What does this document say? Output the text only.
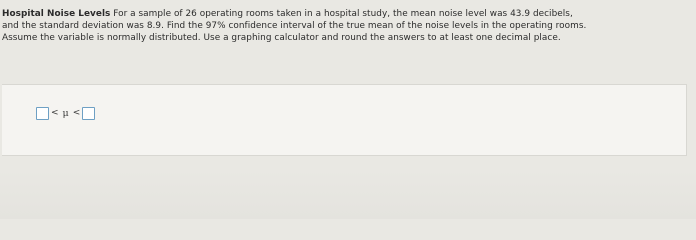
Hospital Noise Levels For a sample of 26 operating rooms taken in a hospital study, the mean noise level was 43.9 decibels,
and the standard deviation was 8.9. Find the 97% confidence interval of the true mean of the noise levels in the operating rooms.
Assume the variable is normally distributed. Use a graphing calculator and round the answers to at least one decimal place.
< μ <
